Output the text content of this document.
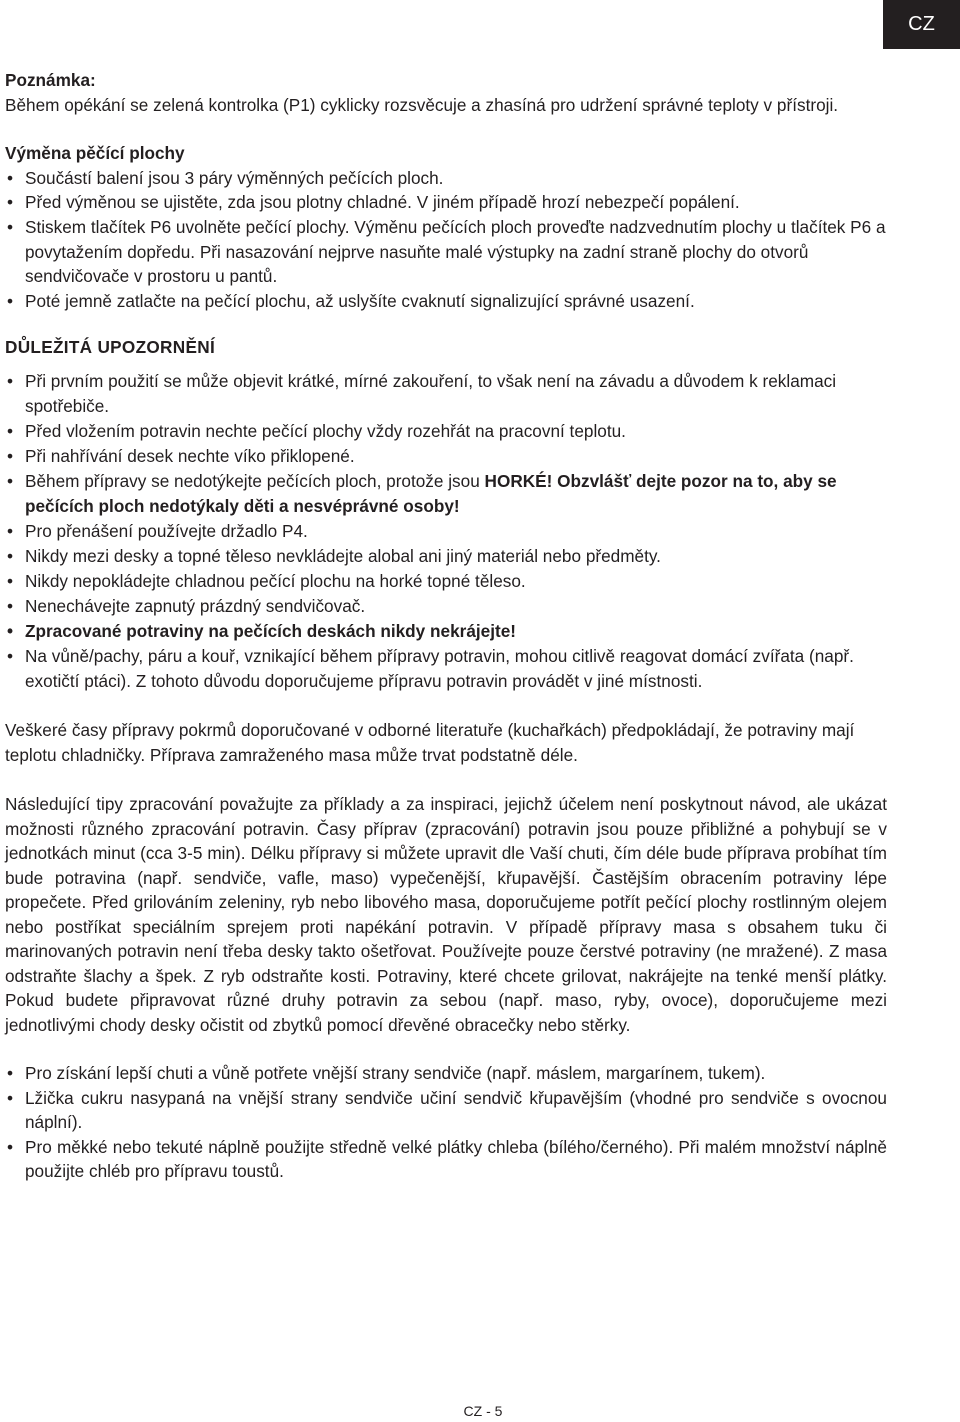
CZ

Poznámka:

Během opékání se zelená kontrolka (P1) cyklicky rozsvěcuje a zhasíná pro udržení správné teploty v přístroji.

Výměna pěčící plochy

• Součástí balení jsou 3 páry výměnných pečících ploch.
• Před výměnou se ujistěte, zda jsou plotny chladné. V jiném případě hrozí nebezpečí popálení.
• Stiskem tlačítek P6 uvolněte pečící plochy. Výměnu pečících ploch proveďte nadzvednutím plochy u tlačítek P6 a povytažením dopředu. Při nasazování nejprve nasuňte malé výstupky na zadní straně plochy do otvorů sendvičovače v prostoru u pantů.
• Poté jemně zatlačte na pečící plochu, až uslyšíte cvaknutí signalizující správné usazení.

DŮLEŽITÁ UPOZORNĚNÍ

• Při prvním použití se může objevit krátké, mírné zakouření, to však není na závadu a důvodem k reklamaci spotřebiče.
• Před vložením potravin nechte pečící plochy vždy rozehřát na pracovní teplotu.
• Při nahřívání desek nechte víko přiklopené.
• Během přípravy se nedotýkejte pečících ploch, protože jsou HORKÉ! Obzvlášť dejte pozor na to, aby se pečících ploch nedotýkaly děti a nesvéprávné osoby!
• Pro přenášení používejte držadlo P4.
• Nikdy mezi desky a topné těleso nevkládejte alobal ani jiný materiál nebo předměty.
• Nikdy nepokládejte chladnou pečící plochu na horké topné těleso.
• Nenechávejte zapnutý prázdný sendvičovač.
• Zpracované potraviny na pečících deskách nikdy nekrájejte!
• Na vůně/pachy, páru a kouř, vznikající během přípravy potravin, mohou citlivě reagovat domácí zvířata (např. exotičtí ptáci). Z tohoto důvodu doporučujeme přípravu potravin provádět v jiné místnosti.

Veškeré časy přípravy pokrmů doporučované v odborné literatuře (kuchařkách) předpokládají, že potraviny mají teplotu chladničky. Příprava zamraženého masa může trvat podstatně déle.

Následující tipy zpracování považujte za příklady a za inspiraci, jejichž účelem není poskytnout návod, ale ukázat možnosti různého zpracování potravin. Časy příprav (zpracování) potravin jsou pouze přibližné a pohybují se v jednotkách minut (cca 3-5 min). Délku přípravy si můžete upravit dle Vaší chuti, čím déle bude příprava probíhat tím bude potravina (např. sendviče, vafle, maso) vypečenější, křupavější. Častějším obracením potraviny lépe propečete. Před grilováním zeleniny, ryb nebo libového masa, doporučujeme potřít pečící plochy rostlinným olejem nebo postříkat speciálním sprejem proti napékání potravin. V případě přípravy masa s obsahem tuku či marinovaných potravin není třeba desky takto ošetřovat. Používejte pouze čerstvé potraviny (ne mražené). Z masa odstraňte šlachy a špek. Z ryb odstraňte kosti. Potraviny, které chcete grilovat, nakrájejte na tenké menší plátky. Pokud budete připravovat různé druhy potravin za sebou (např. maso, ryby, ovoce), doporučujeme mezi jednotlivými chody desky očistit od zbytků pomocí dřevěné obracečky nebo stěrky.

• Pro získání lepší chuti a vůně potřete vnější strany sendviče (např. máslem, margarínem, tukem).
• Lžička cukru nasypaná na vnější strany sendviče učiní sendvič křupavějším (vhodné pro sendviče s ovocnou náplní).
• Pro měkké nebo tekuté náplně použijte středně velké plátky chleba (bílého/černého). Při malém množství náplně použijte chléb pro přípravu toustů.
CZ - 5
